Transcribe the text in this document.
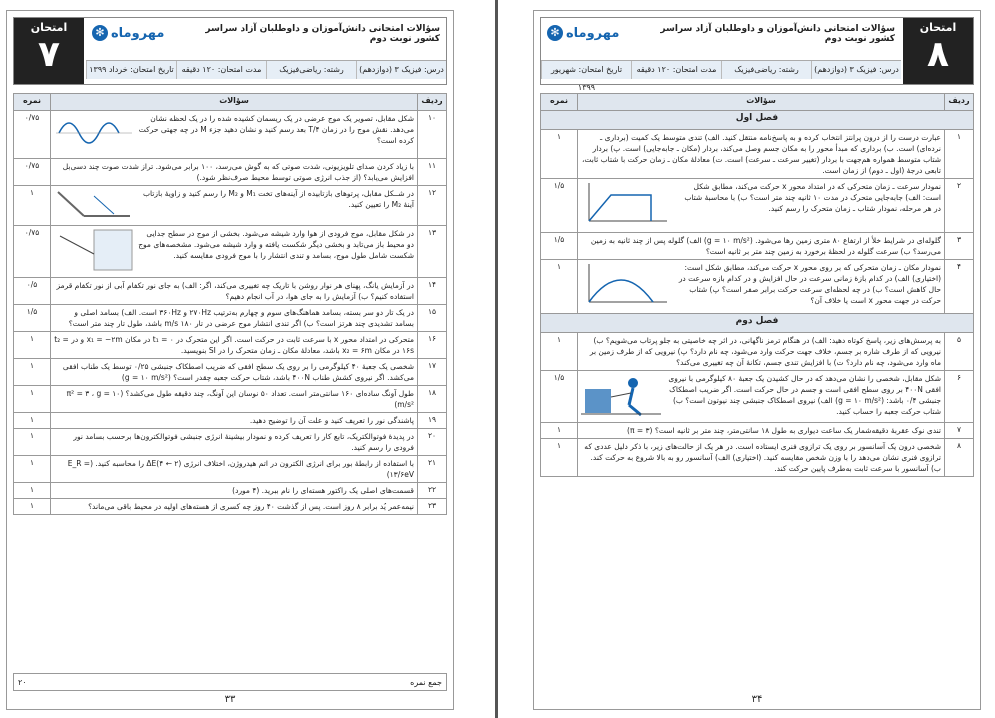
امتحان
۷
✻ مهروماه	سؤالات امتحانی دانش‌آموزان و داوطلبان آزاد سراسر کشور نوبت دوم
درس: فیزیک ۳ (دوازدهم)
رشته: ریاضی‌فیزیک
مدت امتحان: ۱۲۰ دقیقه
تاریخ امتحان: خرداد ۱۳۹۹
ردیف	سؤالات	نمره
۱۰	شکل مقابل، تصویر یک موج عرضی در یک ریسمان کشیده شده را در یک لحظه نشان می‌دهد. نقش موج را در زمان T/۴ بعد رسم کنید و نشان دهید جزء M در چه جهتی حرکت کرده است؟	۰/۷۵
۱۱	با زیاد کردن صدای تلویزیونی، شدت صوتی که به گوش می‌رسد، ۱۰۰ برابر می‌شود. تراز شدت صوت چند دسی‌بل افزایش می‌یابد؟ (از جذب انرژی صوتی توسط محیط صرف‌نظر شود.)	۰/۷۵
۱۲	در شــکل مقابل، پرتوهای بازتابیده از آینه‌های تخت M₁ و M₂ را رسم کنید و زاویهٔ بازتاب آینهٔ M₂ را تعیین کنید.	۱
۱۳	در شکل مقابل، موج فرودی از هوا وارد شیشه می‌شود. بخشی از موج در سطح جدایی دو محیط باز می‌تابد و بخشی دیگر شکست یافته و وارد شیشه می‌شود. مشخصه‌های موج شکست شامل طول موج، بسامد و تندی انتشار را با موج فرودی مقایسه کنید.	۰/۷۵
۱۴	در آزمایش یانگ، پهنای هر نوار روشن با تاریک چه تغییری می‌کند، اگر: الف) به جای نور تکفام آبی از نور تکفام قرمز استفاده کنیم؟ ب) آزمایش را به جای هوا، در آب انجام دهیم؟	۰/۵
۱۵	در یک تار دو سر بسته، بسامد هماهنگ‌های سوم و چهارم به‌ترتیب ۲۷۰Hz و ۳۶۰Hz است. الف) بسامد اصلی و بسامد تشدیدی چند هرتز است؟ ب) اگر تندی انتشار موج عرضی در تار ۱۸۰ m/s باشد، طول تار چند متر است؟	۱/۵
۱۶	متحرکی در امتداد محور x با سرعت ثابت در حرکت است. اگر این متحرک در t₁ = ۰ در مکان x₁ = −۲m و در t₂ = ۱۶s در مکان x₂ = ۶m باشد، معادلهٔ مکان ـ زمان متحرک را در SI بنویسید.	۱
۱۷	شخصی یک جعبهٔ ۴۰ کیلوگرمی را بر روی یک سطح افقی که ضریب اصطکاک جنبشی ۰/۲۵ توسط یک طناب افقی می‌کشد. اگر نیروی کشش طناب ۴۰۰N باشد، شتاب حرکت جعبه چقدر است؟ (g = ۱۰ m/s²)	۱
۱۸	طول آونگ ساده‌ای ۱۶۰ سانتی‌متر است. تعداد ۵۰ نوسان این آونگ، چند دقیقه طول می‌کشد؟ (π² = ۳ ، g = ۱۰ m/s²)	۱
۱۹	پاشندگی نور را تعریف کنید و علت آن را توضیح دهید.	۱
۲۰	در پدیدهٔ فوتوالکتریک، تابع کار را تعریف کرده و نمودار بیشینهٔ انرژی جنبشی فوتوالکترون‌ها برحسب بسامد نور فرودی را رسم کنید.	۱
۲۱	با استفاده از رابطهٔ بور برای انرژی الکترون در اتم هیدروژن، اختلاف انرژی (۲ ← ۴)ΔE را محاسبه کنید. (E_R = ۱۳/۶eV)	۱
۲۲	قسمت‌های اصلی یک راکتور هسته‌ای را نام ببرید. (۴ مورد)	۱
۲۳	نیمه‌عمر یُد برابر ۸ روز است. پس از گذشت ۴۰ روز چه کسری از هسته‌های اولیه در محیط باقی می‌ماند؟	۱
جمع نمره
۲۰
۳۳
امتحان
۸
✻ مهروماه	سؤالات امتحانی دانش‌آموزان و داوطلبان آزاد سراسر کشور نوبت دوم
درس: فیزیک ۳ (دوازدهم)
رشته: ریاضی‌فیزیک
مدت امتحان: ۱۲۰ دقیقه
تاریخ امتحان: شهریور ۱۳۹۹
ردیف	سؤالات	نمره
فصل اول		
۱	عبارت درست را از درون پرانتز انتخاب کرده و به پاسخ‌نامه منتقل کنید. الف) تندی متوسط یک کمیت (برداری ـ نرده‌ای) است. ب) برداری که مبدأ محور را به مکان جسم وصل می‌کند، بردار (مکان ـ جابه‌جایی) است. پ) بردار شتاب متوسط همواره هم‌جهت با بردار (تغییر سرعت ـ سرعت) است. ت) معادلهٔ مکان ـ زمان حرکت با شتاب ثابت، تابعی درجهٔ (اول ـ دوم) از زمان است.	۱
۲	نمودار سرعت ـ زمان متحرکی که در امتداد محور x حرکت می‌کند، مطابق شکل است: الف) جابه‌جایی متحرک در مدت ۱۰ ثانیه چند متر است؟ ب) با محاسبهٔ شتاب در هر مرحله، نمودار شتاب ـ زمان متحرک را رسم کنید.	۱/۵
۳	گلوله‌ای در شرایط خلأ از ارتفاع ۸۰ متری زمین رها می‌شود. (g = ۱۰ m/s²) الف) گلوله پس از چند ثانیه به زمین می‌رسد؟ ب) سرعت گلوله در لحظهٔ برخورد به زمین چند متر بر ثانیه است؟	۱/۵
۴	نمودار مکان ـ زمان متحرکی که بر روی محور x حرکت می‌کند، مطابق شکل است: (اختیاری) الف) در کدام بازهٔ زمانی سرعت در حال افزایش و در کدام بازه سرعت در حال کاهش است؟ ب) در چه لحظه‌ای سرعت حرکت برابر صفر است؟ پ) شتاب حرکت در جهت محور x است یا خلاف آن؟	۱
فصل دوم		
۵	به پرسش‌های زیر، پاسخ کوتاه دهید: الف) در هنگام ترمز ناگهانی، در اثر چه خاصیتی به جلو پرتاب می‌شویم؟ ب) نیرویی که از طرف شاره بر جسم، خلاف جهت حرکت وارد می‌شود، چه نام دارد؟ پ) نیرویی که از طرف زمین بر ماه وارد می‌شود، چه نام دارد؟ ت) با افزایش تندی جسم، تکانهٔ آن چه تغییری می‌کند؟	۱
۶	شکل مقابل، شخصی را نشان می‌دهد که در حال کشیدن یک جعبهٔ ۸۰ کیلوگرمی با نیروی افقی ۴۰۰N بر روی سطح افقی است و جسم در حال حرکت است. اگر ضریب اصطکاک جنبشی ۰/۴ باشد: (g = ۱۰ m/s²) الف) نیروی اصطکاک جنبشی چند نیوتون است؟ ب) شتاب حرکت جعبه را حساب کنید.	۱/۵
۷	تندی نوک عقربهٔ دقیقه‌شمار یک ساعت دیواری به طول ۱۸ سانتی‌متر، چند متر بر ثانیه است؟ (π = ۳)	۱
۸	شخصی درون یک آسانسور بر روی یک ترازوی فنری ایستاده است. در هر یک از حالت‌های زیر، با ذکر دلیل عددی که ترازوی فنری نشان می‌دهد را با وزن شخص مقایسه کنید. (اختیاری) الف) آسانسور رو به بالا شروع به حرکت کند. ب) آسانسور با سرعت ثابت به‌طرف پایین حرکت کند.	۱
۳۴
